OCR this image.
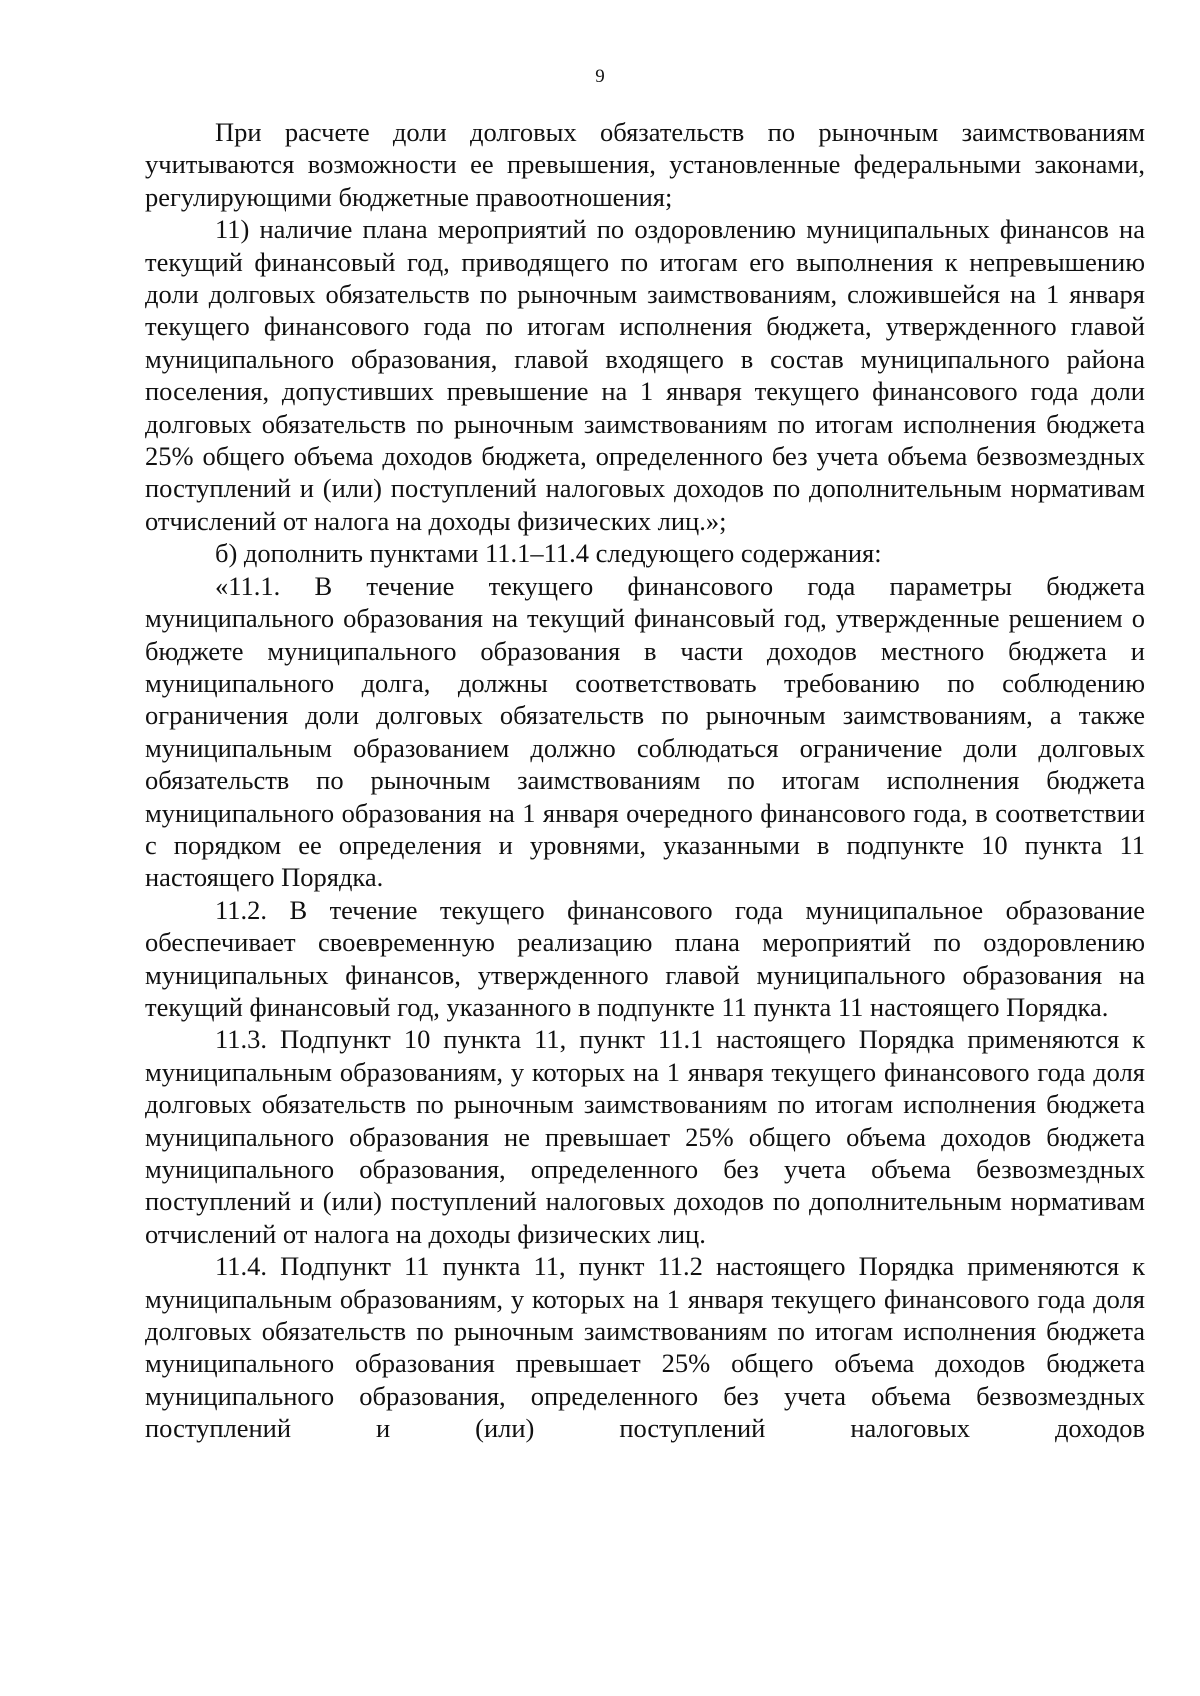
9

При расчете доли долговых обязательств по рыночным заимствованиям учитываются возможности ее превышения, установленные федеральными законами, регулирующими бюджетные правоотношения;

11) наличие плана мероприятий по оздоровлению муниципальных финансов на текущий финансовый год, приводящего по итогам его выполнения к непревышению доли долговых обязательств по рыночным заимствованиям, сложившейся на 1 января текущего финансового года по итогам исполнения бюджета, утвержденного главой муниципального образования, главой входящего в состав муниципального района поселения, допустивших превышение на 1 января текущего финансового года доли долговых обязательств по рыночным заимствованиям по итогам исполнения бюджета 25% общего объема доходов бюджета, определенного без учета объема безвозмездных поступлений и (или) поступлений налоговых доходов по дополнительным нормативам отчислений от налога на доходы физических лиц.»;

б) дополнить пунктами 11.1–11.4 следующего содержания:

«11.1. В течение текущего финансового года параметры бюджета муниципального образования на текущий финансовый год, утвержденные решением о бюджете муниципального образования в части доходов местного бюджета и муниципального долга, должны соответствовать требованию по соблюдению ограничения доли долговых обязательств по рыночным заимствованиям, а также муниципальным образованием должно соблюдаться ограничение доли долговых обязательств по рыночным заимствованиям по итогам исполнения бюджета муниципального образования на 1 января очередного финансового года, в соответствии с порядком ее определения и уровнями, указанными в подпункте 10 пункта 11 настоящего Порядка.

11.2. В течение текущего финансового года муниципальное образование обеспечивает своевременную реализацию плана мероприятий по оздоровлению муниципальных финансов, утвержденного главой муниципального образования на текущий финансовый год, указанного в подпункте 11 пункта 11 настоящего Порядка.

11.3. Подпункт 10 пункта 11, пункт 11.1 настоящего Порядка применяются к муниципальным образованиям, у которых на 1 января текущего финансового года доля долговых обязательств по рыночным заимствованиям по итогам исполнения бюджета муниципального образования не превышает 25% общего объема доходов бюджета муниципального образования, определенного без учета объема безвозмездных поступлений и (или) поступлений налоговых доходов по дополнительным нормативам отчислений от налога на доходы физических лиц.

11.4. Подпункт 11 пункта 11, пункт 11.2 настоящего Порядка применяются к муниципальным образованиям, у которых на 1 января текущего финансового года доля долговых обязательств по рыночным заимствованиям по итогам исполнения бюджета муниципального образования превышает 25% общего объема доходов бюджета муниципального образования, определенного без учета объема безвозмездных поступлений и (или) поступлений налоговых доходов
